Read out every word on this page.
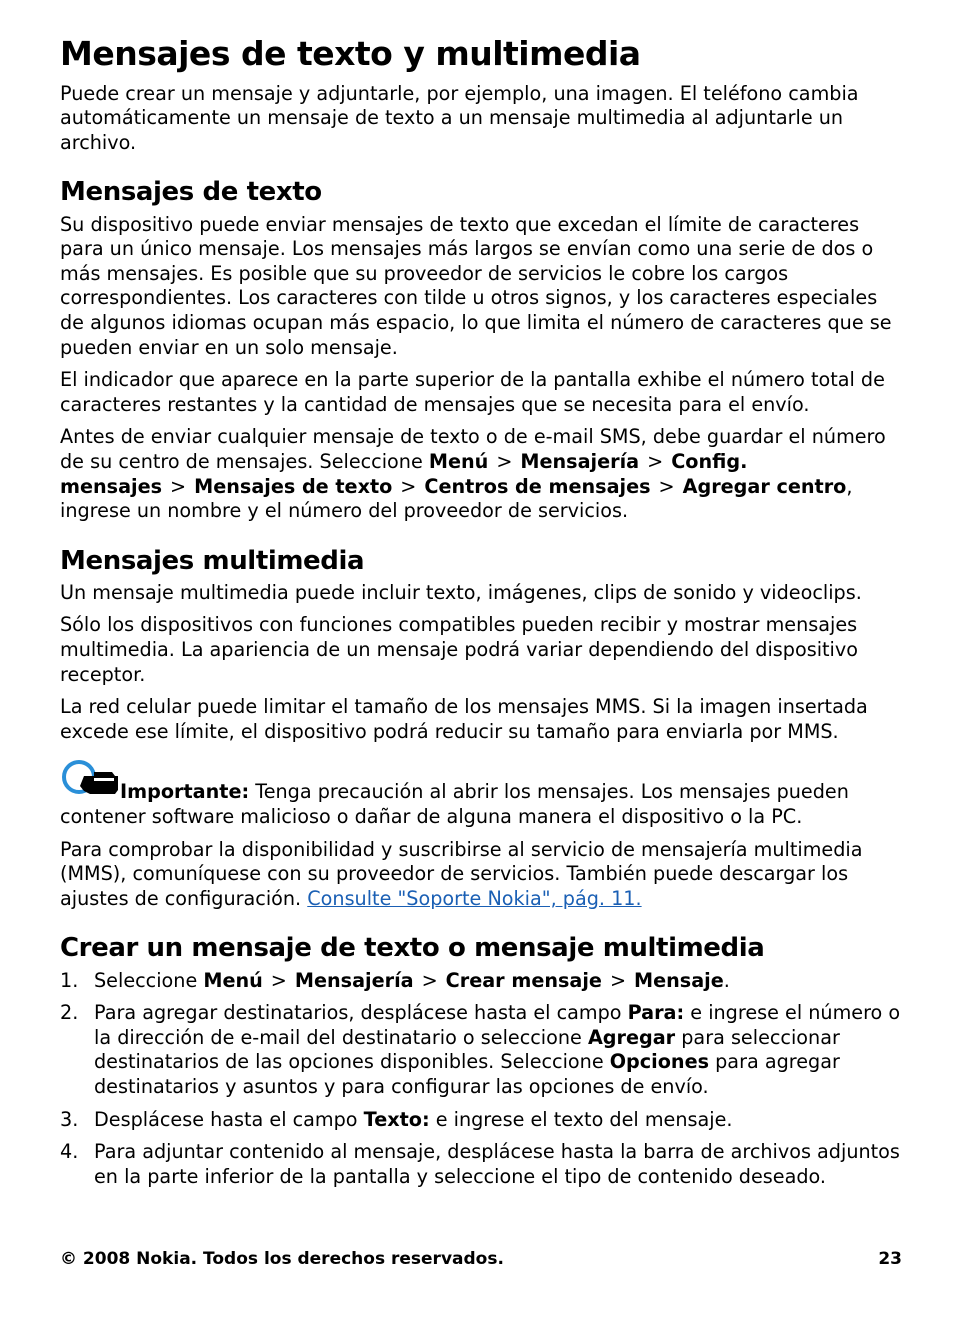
Mensajes de texto y multimedia

Puede crear un mensaje y adjuntarle, por ejemplo, una imagen. El teléfono cambia automáticamente un mensaje de texto a un mensaje multimedia al adjuntarle un archivo.

Mensajes de texto

Su dispositivo puede enviar mensajes de texto que excedan el límite de caracteres para un único mensaje. Los mensajes más largos se envían como una serie de dos o más mensajes. Es posible que su proveedor de servicios le cobre los cargos correspondientes. Los caracteres con tilde u otros signos, y los caracteres especiales de algunos idiomas ocupan más espacio, lo que limita el número de caracteres que se pueden enviar en un solo mensaje.

El indicador que aparece en la parte superior de la pantalla exhibe el número total de caracteres restantes y la cantidad de mensajes que se necesita para el envío.

Antes de enviar cualquier mensaje de texto o de e-mail SMS, debe guardar el número de su centro de mensajes. Seleccione Menú > Mensajería > Config. mensajes > Mensajes de texto > Centros de mensajes > Agregar centro, ingrese un nombre y el número del proveedor de servicios.

Mensajes multimedia

Un mensaje multimedia puede incluir texto, imágenes, clips de sonido y videoclips.

Sólo los dispositivos con funciones compatibles pueden recibir y mostrar mensajes multimedia. La apariencia de un mensaje podrá variar dependiendo del dispositivo receptor.

La red celular puede limitar el tamaño de los mensajes MMS. Si la imagen insertada excede ese límite, el dispositivo podrá reducir su tamaño para enviarla por MMS.

Importante: Tenga precaución al abrir los mensajes. Los mensajes pueden contener software malicioso o dañar de alguna manera el dispositivo o la PC.

Para comprobar la disponibilidad y suscribirse al servicio de mensajería multimedia (MMS), comuníquese con su proveedor de servicios. También puede descargar los ajustes de configuración. Consulte "Soporte Nokia", pág. 11.

Crear un mensaje de texto o mensaje multimedia
1. Seleccione Menú > Mensajería > Crear mensaje > Mensaje.
2. Para agregar destinatarios, desplácese hasta el campo Para: e ingrese el número o la dirección de e-mail del destinatario o seleccione Agregar para seleccionar destinatarios de las opciones disponibles. Seleccione Opciones para agregar destinatarios y asuntos y para configurar las opciones de envío.
3. Desplácese hasta el campo Texto: e ingrese el texto del mensaje.
4. Para adjuntar contenido al mensaje, desplácese hasta la barra de archivos adjuntos en la parte inferior de la pantalla y seleccione el tipo de contenido deseado.
© 2008 Nokia. Todos los derechos reservados.	23
